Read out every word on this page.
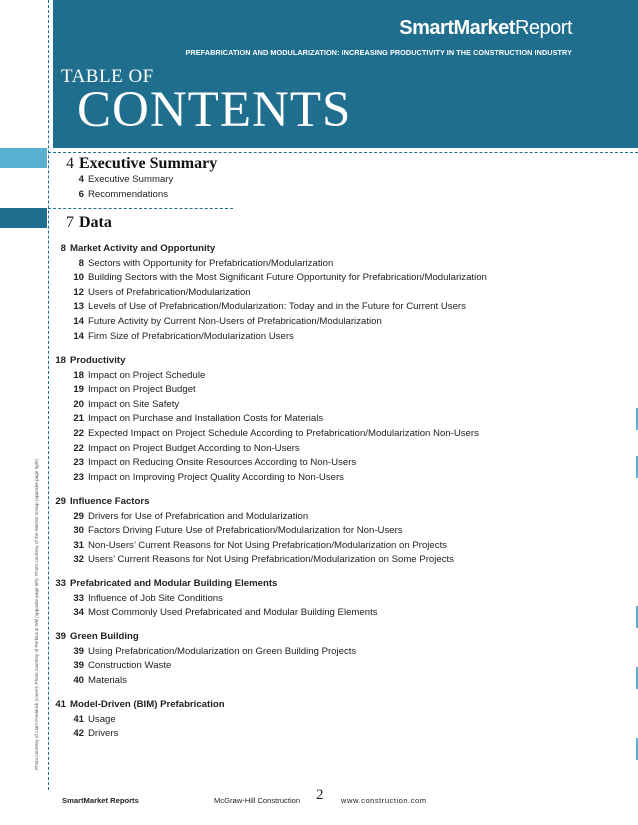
SmartMarketReport
PREFABRICATION AND MODULARIZATION: INCREASING PRODUCTIVITY IN THE CONSTRUCTION INDUSTRY
TABLE OF
CONTENTS
4 Executive Summary
7 Data
4 Executive Summary
6 Recommendations
8 Market Activity and Opportunity
8 Sectors with Opportunity for Prefabrication/Modularization
10 Building Sectors with the Most Significant Future Opportunity for Prefabrication/Modularization
12 Users of Prefabrication/Modularization
13 Levels of Use of Prefabrication/Modularization: Today and in the Future for Current Users
14 Future Activity by Current Non-Users of Prefabrication/Modularization
14 Firm Size of Prefabrication/Modularization Users
18 Productivity
18 Impact on Project Schedule
19 Impact on Project Budget
20 Impact on Site Safety
21 Impact on Purchase and Installation Costs for Materials
22 Expected Impact on Project Schedule According to Prefabrication/Modularization Non-Users
22 Impact on Project Budget According to Non-Users
23 Impact on Reducing Onsite Resources According to Non-Users
23 Impact on Improving Project Quality According to Non-Users
29 Influence Factors
29 Drivers for Use of Prefabrication and Modularization
30 Factors Driving Future Use of Prefabrication/Modularization for Non-Users
31 Non-Users’ Current Reasons for Not Using Prefabrication/Modularization on Projects
32 Users’ Current Reasons for Not Using Prefabrication/Modularization on Some Projects
33 Prefabricated and Modular Building Elements
33 Influence of Job Site Conditions
34 Most Commonly Used Prefabricated and Modular Building Elements
39 Green Building
39 Using Prefabrication/Modularization on Green Building Projects
39 Construction Waste
40 Materials
41 Model-Driven (BIM) Prefabrication
41 Usage
42 Drivers
Photo courtesy of Liam Frederick (cover); Photo courtesy of Perkins & Will (opposite page left); Photo courtesy of the Warrior Group (opposite page right)
SmartMarket Reports	McGraw-Hill Construction 2 www.construction.com
